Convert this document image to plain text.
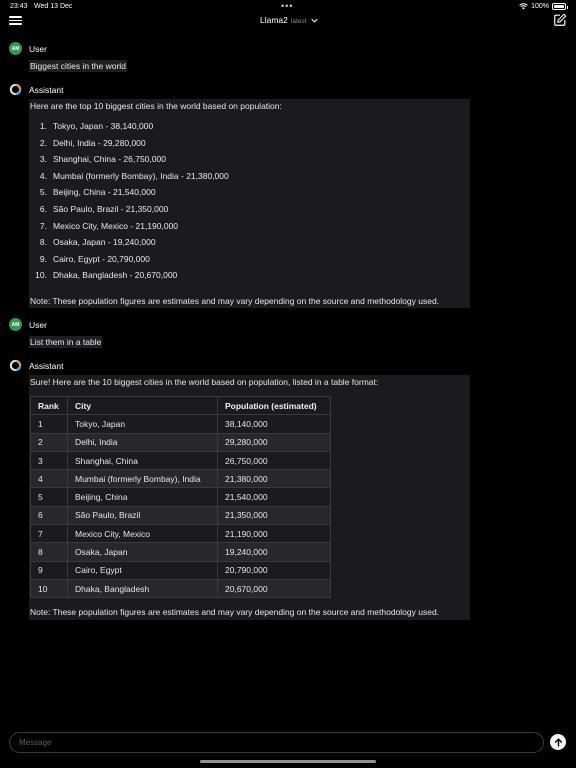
23:43 Wed 13 Dec	•••	100%
Llama2 latest
AM	User
Biggest cities in the world
Assistant
Here are the top 10 biggest cities in the world based on population:
1. Tokyo, Japan - 38,140,000
2. Delhi, India - 29,280,000
3. Shanghai, China - 26,750,000
4. Mumbai (formerly Bombay), India - 21,380,000
5. Beijing, China - 21,540,000
6. São Paulo, Brazil - 21,350,000
7. Mexico City, Mexico - 21,190,000
8. Osaka, Japan - 19,240,000
9. Cairo, Egypt - 20,790,000
10. Dhaka, Bangladesh - 20,670,000
Note: These population figures are estimates and may vary depending on the source and methodology used.
AM	User
List them in a table
Assistant
Sure! Here are the 10 biggest cities in the world based on population, listed in a table format:
Note: These population figures are estimates and may vary depending on the source and methodology used.
Rank	City	Population (estimated)
1	Tokyo, Japan	38,140,000
2	Delhi, India	29,280,000
3	Shanghai, China	26,750,000
4	Mumbai (formerly Bombay), India	21,380,000
5	Beijing, China	21,540,000
6	São Paulo, Brazil	21,350,000
7	Mexico City, Mexico	21,190,000
8	Osaka, Japan	19,240,000
9	Cairo, Egypt	20,790,000
10	Dhaka, Bangladesh	20,670,000
Message
